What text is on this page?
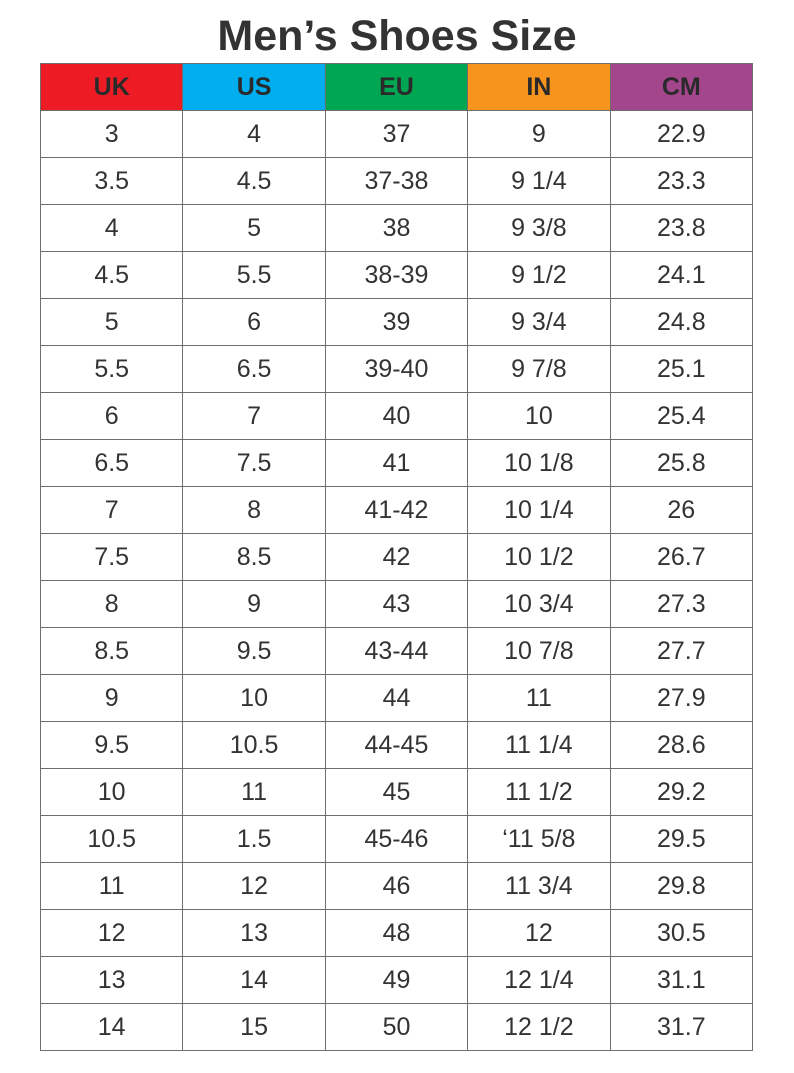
Men’s Shoes Size
UK	US	EU	IN	CM
3	4	37	9	22.9
3.5	4.5	37-38	9 1/4	23.3
4	5	38	9 3/8	23.8
4.5	5.5	38-39	9 1/2	24.1
5	6	39	9 3/4	24.8
5.5	6.5	39-40	9 7/8	25.1
6	7	40	10	25.4
6.5	7.5	41	10 1/8	25.8
7	8	41-42	10 1/4	26
7.5	8.5	42	10 1/2	26.7
8	9	43	10 3/4	27.3
8.5	9.5	43-44	10 7/8	27.7
9	10	44	11	27.9
9.5	10.5	44-45	11 1/4	28.6
10	11	45	11 1/2	29.2
10.5	1.5	45-46	‘11 5/8	29.5
11	12	46	11 3/4	29.8
12	13	48	12	30.5
13	14	49	12 1/4	31.1
14	15	50	12 1/2	31.7
